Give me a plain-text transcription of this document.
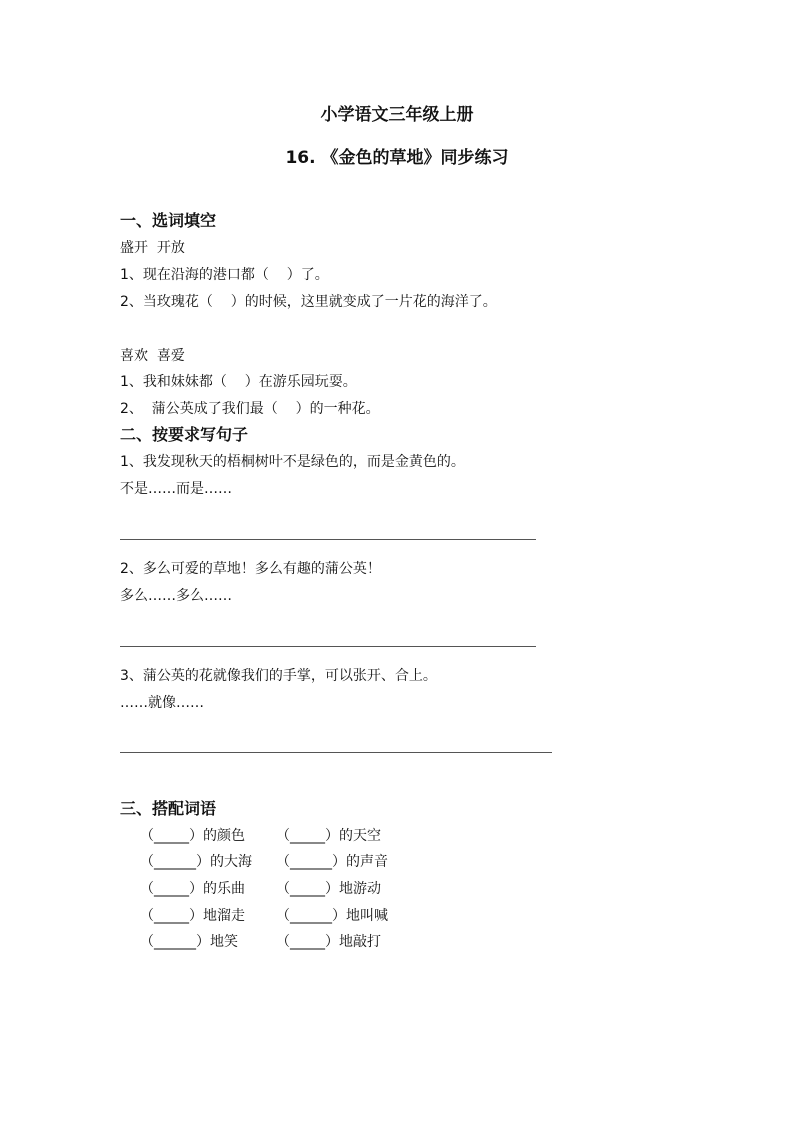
小学语文三年级上册
16. 《金色的草地》同步练习
一、选词填空
盛开  开放
1、现在沿海的港口都（    ）了。
2、当玫瑰花（    ）的时候，这里就变成了一片花的海洋了。
喜欢  喜爱
1、我和妹妹都（    ）在游乐园玩耍。
2、  蒲公英成了我们最（    ）的一种花。
二、按要求写句子
1、我发现秋天的梧桐树叶不是绿色的，而是金黄色的。
不是……而是……
2、多么可爱的草地！多么有趣的蒲公英！
多么……多么……
3、蒲公英的花就像我们的手掌，可以张开、合上。
……就像……
三、搭配词语
（_____）的颜色 （_____）的天空
（______）的大海 （______）的声音
（_____）的乐曲 （_____）地游动
（_____）地溜走 （______）地叫喊
（______）地笑	（_____）地敲打
